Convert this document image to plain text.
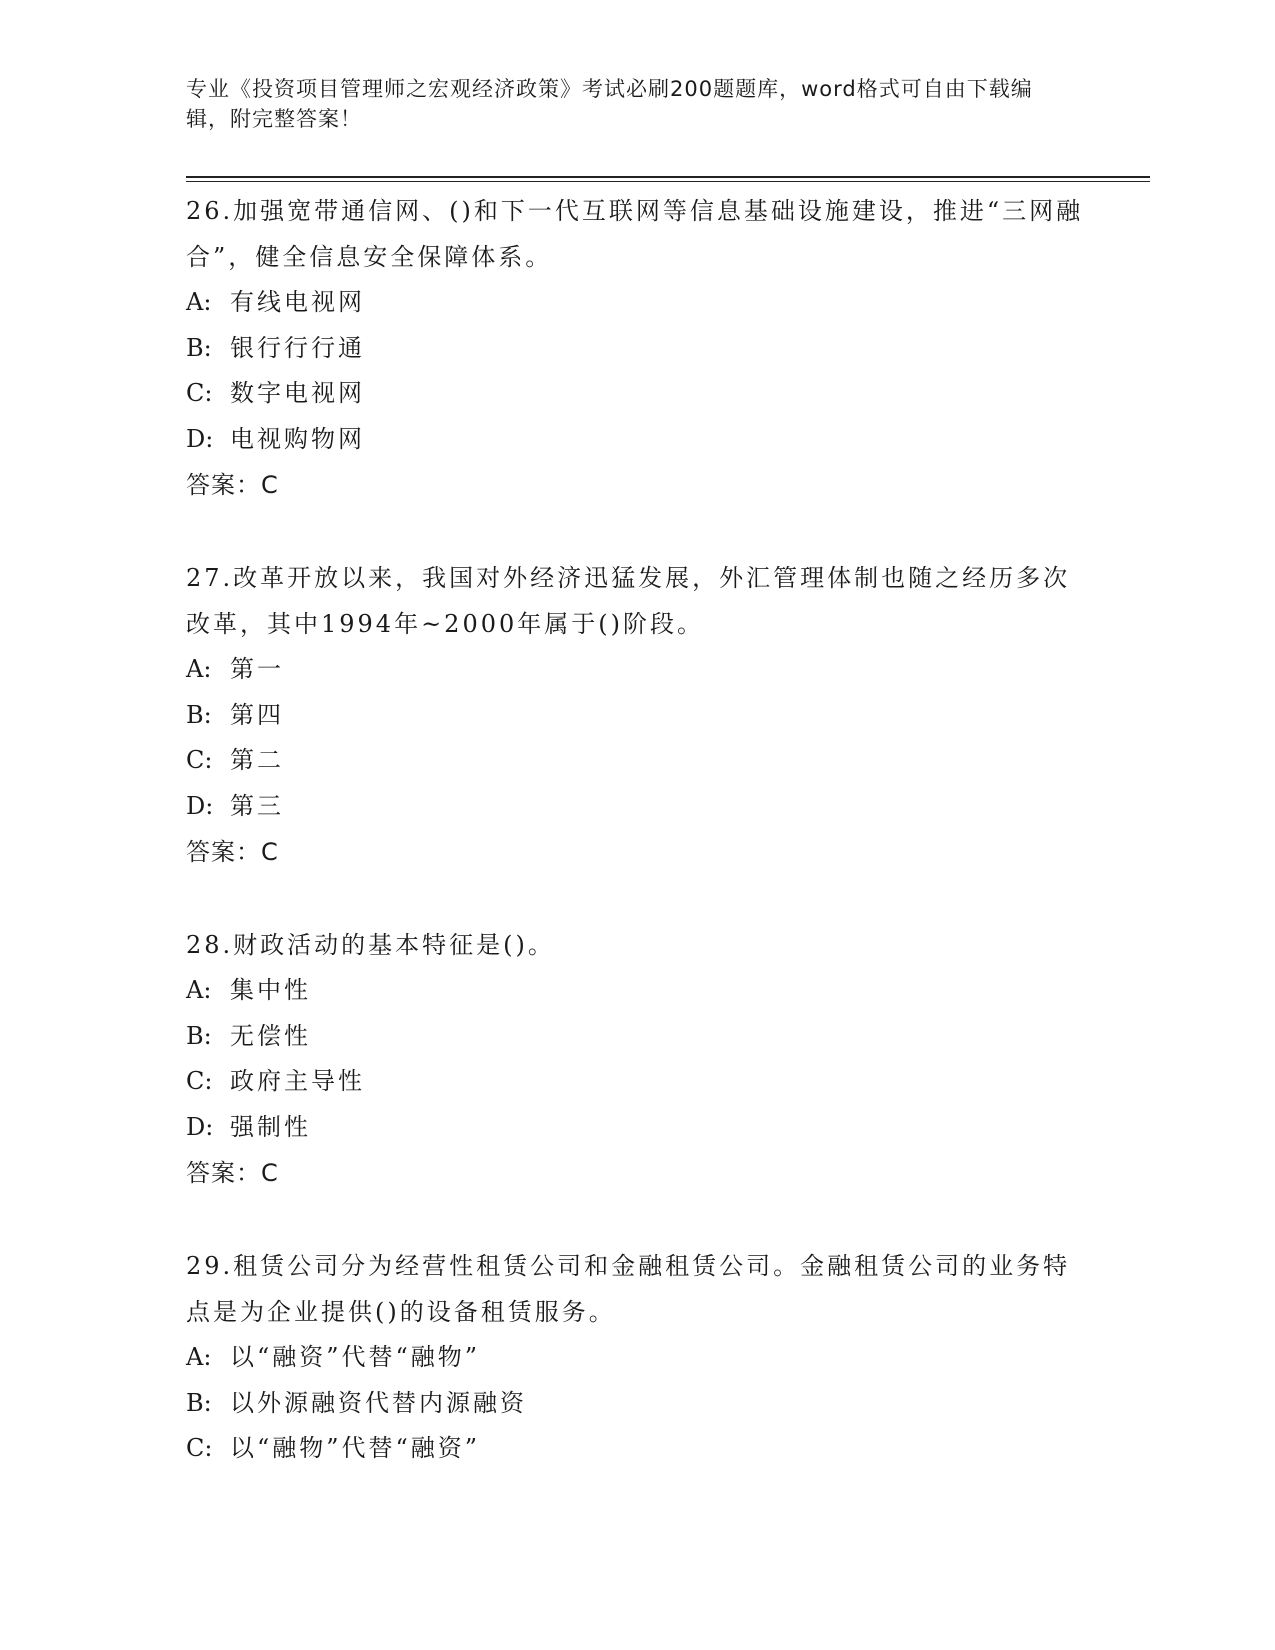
专业《投资项目管理师之宏观经济政策》考试必刷200题题库，word格式可自由下载编辑，附完整答案！
26.加强宽带通信网、()和下一代互联网等信息基础设施建设，推进“三网融合”，健全信息安全保障体系。
A: 有线电视网
B: 银行行行通
C: 数字电视网
D: 电视购物网
答案：C
27.改革开放以来，我国对外经济迅猛发展，外汇管理体制也随之经历多次改革，其中1994年~2000年属于()阶段。
A: 第一
B: 第四
C: 第二
D: 第三
答案：C
28.财政活动的基本特征是()。
A: 集中性
B: 无偿性
C: 政府主导性
D: 强制性
答案：C
29.租赁公司分为经营性租赁公司和金融租赁公司。金融租赁公司的业务特点是为企业提供()的设备租赁服务。
A: 以“融资”代替“融物”
B: 以外源融资代替内源融资
C: 以“融物”代替“融资”
